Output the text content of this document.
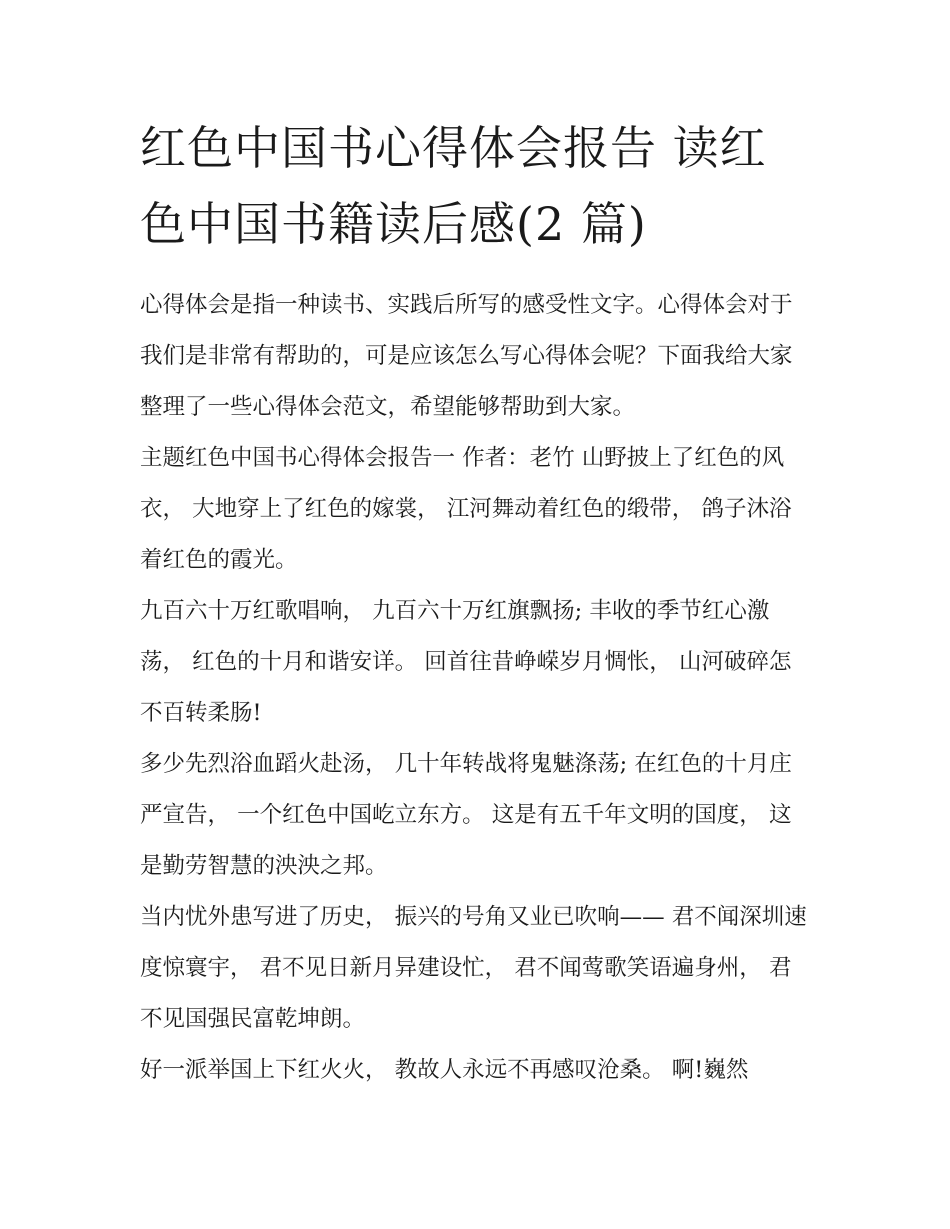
红色中国书心得体会报告 读红色中国书籍读后感(2 篇)

心得体会是指一种读书、实践后所写的感受性文字。心得体会对于我们是非常有帮助的，可是应该怎么写心得体会呢？下面我给大家整理了一些心得体会范文，希望能够帮助到大家。

主题红色中国书心得体会报告一 作者：老竹 山野披上了红色的风衣， 大地穿上了红色的嫁裳， 江河舞动着红色的缎带， 鸽子沐浴着红色的霞光。

九百六十万红歌唱响， 九百六十万红旗飘扬; 丰收的季节红心激荡， 红色的十月和谐安详。 回首往昔峥嵘岁月惆怅， 山河破碎怎不百转柔肠!

多少先烈浴血蹈火赴汤， 几十年转战将鬼魅涤荡; 在红色的十月庄严宣告， 一个红色中国屹立东方。 这是有五千年文明的国度， 这是勤劳智慧的泱泱之邦。

当内忧外患写进了历史， 振兴的号角又业已吹响—— 君不闻深圳速度惊寰宇， 君不见日新月异建设忙， 君不闻莺歌笑语遍身州， 君不见国强民富乾坤朗。

好一派举国上下红火火， 教故人永远不再感叹沧桑。 啊!巍然
